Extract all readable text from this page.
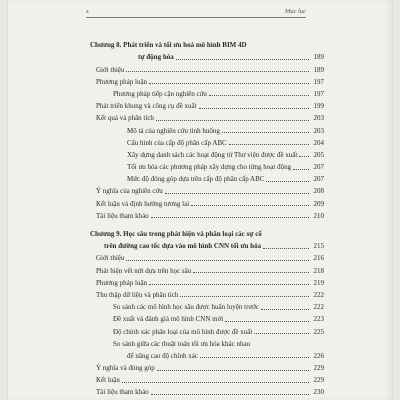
x	Mục lục
Chương 8. Phát triển và tối ưu hoá mô hình BIM 4D
tự động hóa	189
Giới thiệu	189
Phương pháp luận	197
Phương pháp tiếp cận nghiên cứu	197
Phát triển khung và công cụ đề xuất	199
Kết quả và phân tích	203
Mô tả của nghiên cứu tình huống	203
Cấu hình của cấp độ phân cấp ABC	204
Xây dựng danh sách các hoạt động từ Thư viện được đề xuất	205
Tối ưu hóa các phương pháp xây dựng cho từng hoạt động	207
Mức độ đóng góp dựa trên cấp độ phân cấp ABC	207
Ý nghĩa của nghiên cứu	208
Kết luận và định hướng tương lai	209
Tài liệu tham khảo	210
Chương 9. Học sâu trong phát hiện và phân loại các sự cố
trên đường cao tốc dựa vào mô hình CNN tối ưu hóa	215
Giới thiệu	216
Phát hiện vết nứt dựa trên học sâu	218
Phương pháp luận	219
Thu thập dữ liệu và phân tích	222
So sánh các mô hình học sâu được huấn luyện trước	222
Đề xuất và đánh giá mô hình CNN mới	223
Độ chính xác phân loại của mô hình được đề xuất	225
So sánh giữa các thuật toán tối ưu hóa khác nhau
để nâng cao độ chính xác	226
Ý nghĩa và đóng góp	229
Kết luận	229
Tài liệu tham khảo	230
